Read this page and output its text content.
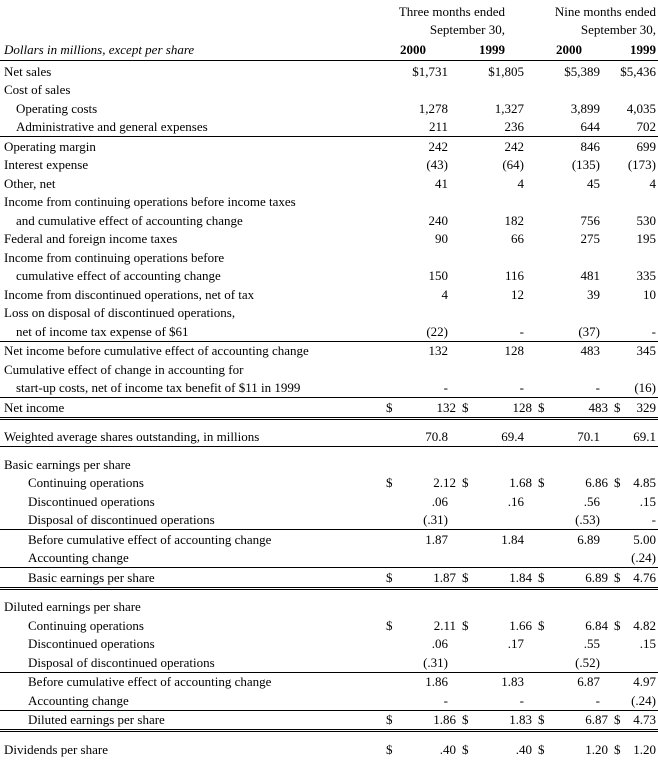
Three months ended
September 30,
Nine months ended
September 30,
Dollars in millions, except per share	2000	1999	2000	1999
Net sales	$1,731	$1,805	$5,389	$5,436
Cost of sales				
Operating costs	1,278	1,327	3,899	4,035
Administrative and general expenses	211	236	644	702
Operating margin	242	242	846	699
Interest expense	(43)	(64)	(135)	(173)
Other, net	41	4	45	4
Income from continuing operations before income taxes				
and cumulative effect of accounting change	240	182	756	530
Federal and foreign income taxes	90	66	275	195
Income from continuing operations before				
cumulative effect of accounting change	150	116	481	335
Income from discontinued operations, net of tax	4	12	39	10
Loss on disposal of discontinued operations,				
net of income tax expense of $61	(22)	-	(37)	-
Net income before cumulative effect of accounting change	132	128	483	345
Cumulative effect of change in accounting for				
start-up costs, net of income tax benefit of $11 in 1999	-	-	-	(16)
Net income	$ 132	$ 128	$ 483	$ 329

Weighted average shares outstanding, in millions	70.8	69.4	70.1	69.1

Basic earnings per share				
Continuing operations	$ 2.12	$ 1.68	$ 6.86	$ 4.85

Discontinued operations	.06	.16	.56	.15
Disposal of discontinued operations	(.31)		(.53)	-
Before cumulative effect of accounting change	1.87	1.84	6.89	5.00
Accounting change				(.24)
Basic earnings per share	$ 1.87	$ 1.84	$ 6.89	$ 4.76

Diluted earnings per share				
Continuing operations	$ 2.11	$ 1.66	$ 6.84	$ 4.82

Discontinued operations	.06	.17	.55	.15
Disposal of discontinued operations	(.31)		(.52)	
Before cumulative effect of accounting change	1.86	1.83	6.87	4.97
Accounting change	-	-	-	(.24)
Diluted earnings per share	$ 1.86	$ 1.83	$ 6.87	$ 4.73

Dividends per share	$ .40	$ .40	$ 1.20	$ 1.20
